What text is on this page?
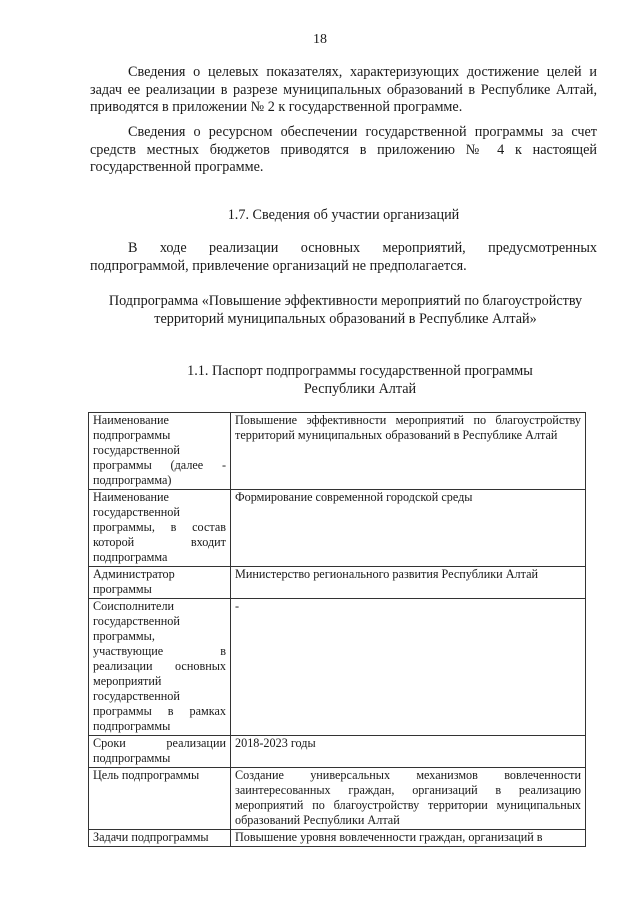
18

Сведения о целевых показателях, характеризующих достижение целей и задач ее реализации в разрезе муниципальных образований в Республике Алтай, приводятся в приложении № 2 к государственной программе.

Сведения о ресурсном обеспечении государственной программы за счет средств местных бюджетов приводятся в приложению № 4 к настоящей государственной программе.

1.7. Сведения об участии организаций

В ходе реализации основных мероприятий, предусмотренных подпрограммой, привлечение организаций не предполагается.

Подпрограмма «Повышение эффективности мероприятий по благоустройству территорий муниципальных образований в Республике Алтай»

1.1. Паспорт подпрограммы государственной программы Республики Алтай

Наименование подпрограммы государственной программы (далее - подпрограмма)	Повышение эффективности мероприятий по благоустройству территорий муниципальных образований в Республике Алтай
Наименование государственной программы, в состав которой входит подпрограмма	Формирование современной городской среды
Администратор программы	Министерство регионального развития Республики Алтай
Соисполнители государственной программы, участвующие в реализации основных мероприятий государственной программы в рамках подпрограммы	-
Сроки реализации подпрограммы	2018-2023 годы
Цель подпрограммы	Создание универсальных механизмов вовлеченности заинтересованных граждан, организаций в реализацию мероприятий по благоустройству территории муниципальных образований Республики Алтай
Задачи подпрограммы	Повышение уровня вовлеченности граждан, организаций в
